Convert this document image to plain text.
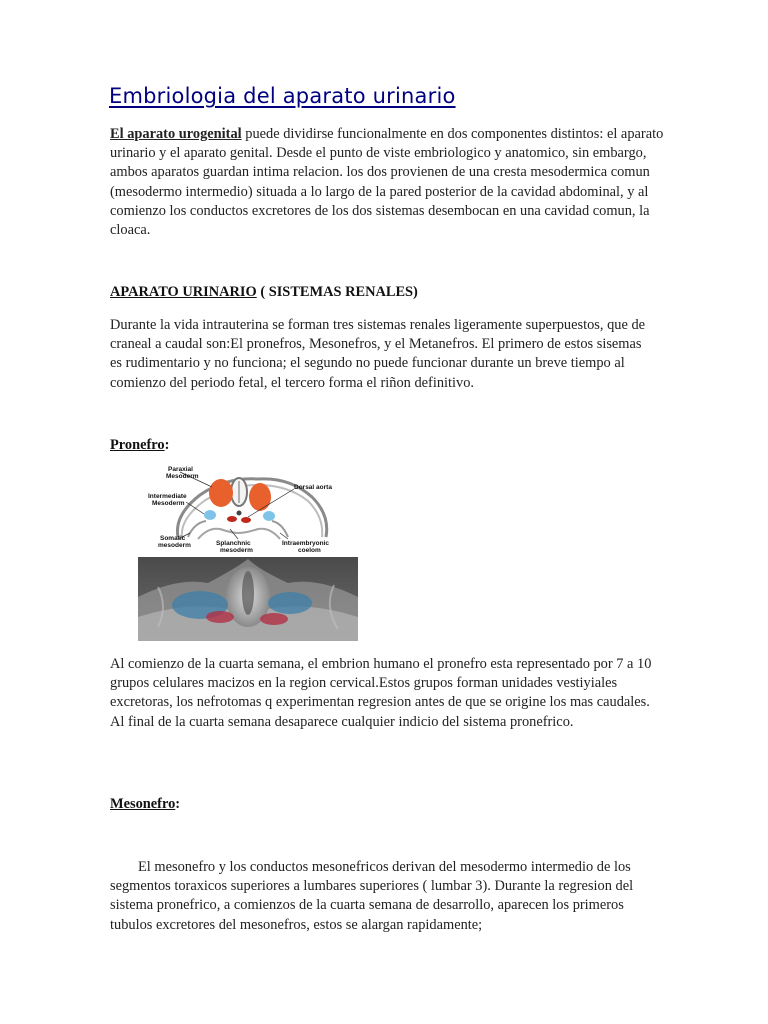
Embriologia del aparato urinario

El aparato urogenital puede dividirse funcionalmente en dos componentes distintos: el aparato urinario y el aparato genital. Desde el punto de viste embriologico y anatomico, sin embargo, ambos aparatos guardan intima relacion. los dos provienen de una cresta mesodermica comun (mesodermo intermedio) situada a lo largo de la pared posterior de la cavidad abdominal, y al comienzo los conductos excretores de los dos sistemas desembocan en una cavidad comun, la cloaca.

APARATO URINARIO ( SISTEMAS RENALES)

Durante la vida intrauterina se forman tres sistemas renales ligeramente superpuestos, que de craneal a caudal son:El pronefros, Mesonefros, y el Metanefros. El primero de estos sisemas es rudimentario y no funciona; el segundo no puede funcionar durante un breve tiempo al comienzo del periodo fetal, el tercero forma el riñon definitivo.

Pronefro:

Paraxial
Mesoderm
Intermediate
Mesoderm
Dorsal aorta
Somatic
mesoderm	Splanchnic
mesoderm
Intraembryonic
coelom

Al comienzo de la cuarta semana, el embrion humano el pronefro esta representado por 7 a 10 grupos celulares macizos en la region cervical.Estos grupos forman unidades vestiyiales excretoras, los nefrotomas q experimentan regresion antes de que se origine los mas caudales. Al final de la cuarta semana desaparece cualquier indicio del sistema pronefrico.

Mesonefro:

El mesonefro y los conductos mesonefricos derivan del mesodermo intermedio de los segmentos toraxicos superiores a lumbares superiores ( lumbar 3). Durante la regresion del sistema pronefrico, a comienzos de la cuarta semana de desarrollo, aparecen los primeros tubulos excretores del mesonefros, estos se alargan rapidamente;
